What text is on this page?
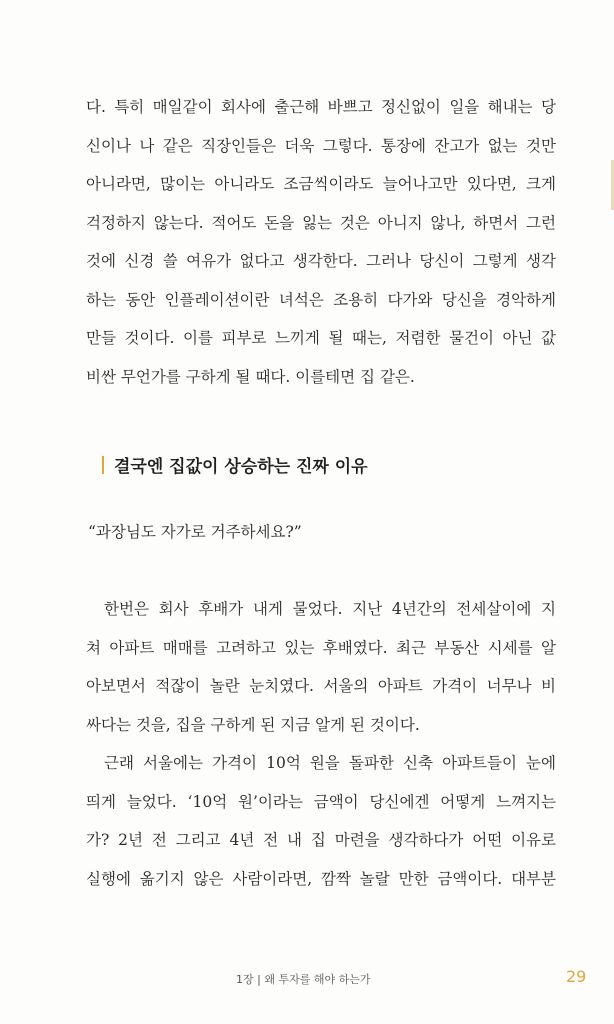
다. 특히 매일같이 회사에 출근해 바쁘고 정신없이 일을 해내는 당
신이나 나 같은 직장인들은 더욱 그렇다. 통장에 잔고가 없는 것만
아니라면, 많이는 아니라도 조금씩이라도 늘어나고만 있다면, 크게
걱정하지 않는다. 적어도 돈을 잃는 것은 아니지 않나, 하면서 그런
것에 신경 쓸 여유가 없다고 생각한다. 그러나 당신이 그렇게 생각
하는 동안 인플레이션이란 녀석은 조용히 다가와 당신을 경악하게
만들 것이다. 이를 피부로 느끼게 될 때는, 저렴한 물건이 아닌 값
비싼 무언가를 구하게 될 때다. 이를테면 집 같은.
결국엔 집값이 상승하는 진짜 이유
“과장님도 자가로 거주하세요?”
한번은 회사 후배가 내게 물었다. 지난 4년간의 전세살이에 지
쳐 아파트 매매를 고려하고 있는 후배였다. 최근 부동산 시세를 알
아보면서 적잖이 놀란 눈치였다. 서울의 아파트 가격이 너무나 비
싸다는 것을, 집을 구하게 된 지금 알게 된 것이다.
근래 서울에는 가격이 10억 원을 돌파한 신축 아파트들이 눈에
띄게 늘었다. ‘10억 원’이라는 금액이 당신에겐 어떻게 느껴지는
가? 2년 전 그리고 4년 전 내 집 마련을 생각하다가 어떤 이유로
실행에 옮기지 않은 사람이라면, 깜짝 놀랄 만한 금액이다. 대부분
1장 | 왜 투자를 해야 하는가	29
